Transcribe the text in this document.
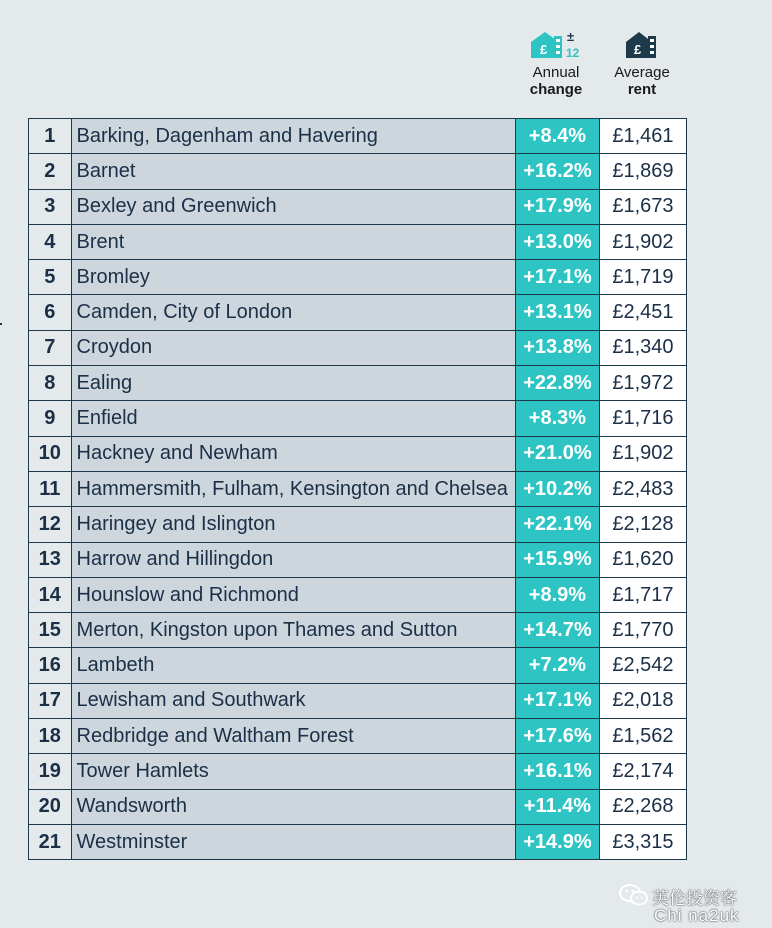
£
±
12
Annual
change
£
Average
rent
1	Barking, Dagenham and Havering	+8.4%	£1,461
2	Barnet	+16.2%	£1,869
3	Bexley and Greenwich	+17.9%	£1,673
4	Brent	+13.0%	£1,902
5	Bromley	+17.1%	£1,719
6	Camden, City of London	+13.1%	£2,451
7	Croydon	+13.8%	£1,340
8	Ealing	+22.8%	£1,972
9	Enfield	+8.3%	£1,716
10	Hackney and Newham	+21.0%	£1,902
11	Hammersmith, Fulham, Kensington and Chelsea	+10.2%	£2,483
12	Haringey and Islington	+22.1%	£2,128
13	Harrow and Hillingdon	+15.9%	£1,620
14	Hounslow and Richmond	+8.9%	£1,717
15	Merton, Kingston upon Thames and Sutton	+14.7%	£1,770
16	Lambeth	+7.2%	£2,542
17	Lewisham and Southwark	+17.1%	£2,018
18	Redbridge and Waltham Forest	+17.6%	£1,562
19	Tower Hamlets	+16.1%	£2,174
20	Wandsworth	+11.4%	£2,268
21	Westminster	+14.9%	£3,315
英伦投资客
Chi na2uk
